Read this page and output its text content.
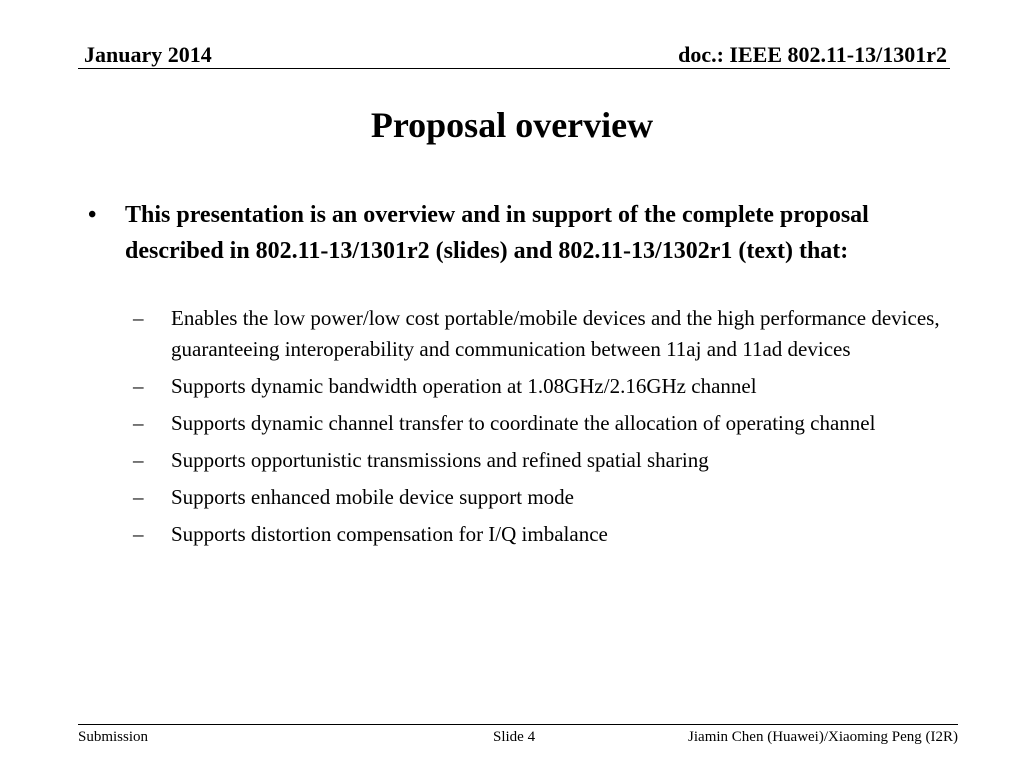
January 2014	doc.: IEEE 802.11-13/1301r2
Proposal overview
• This presentation is an overview and in support of the complete proposal described in 802.11-13/1301r2 (slides) and 802.11-13/1302r1 (text) that:
– Enables the low power/low cost portable/mobile devices and the high performance devices, guaranteeing interoperability and communication between 11aj and 11ad devices
– Supports dynamic bandwidth operation at 1.08GHz/2.16GHz channel
– Supports dynamic channel transfer to coordinate the allocation of operating channel
– Supports opportunistic transmissions and refined spatial sharing
– Supports enhanced mobile device support mode
– Supports distortion compensation for I/Q imbalance
Submission	Slide 4	Jiamin Chen (Huawei)/Xiaoming Peng (I2R)
